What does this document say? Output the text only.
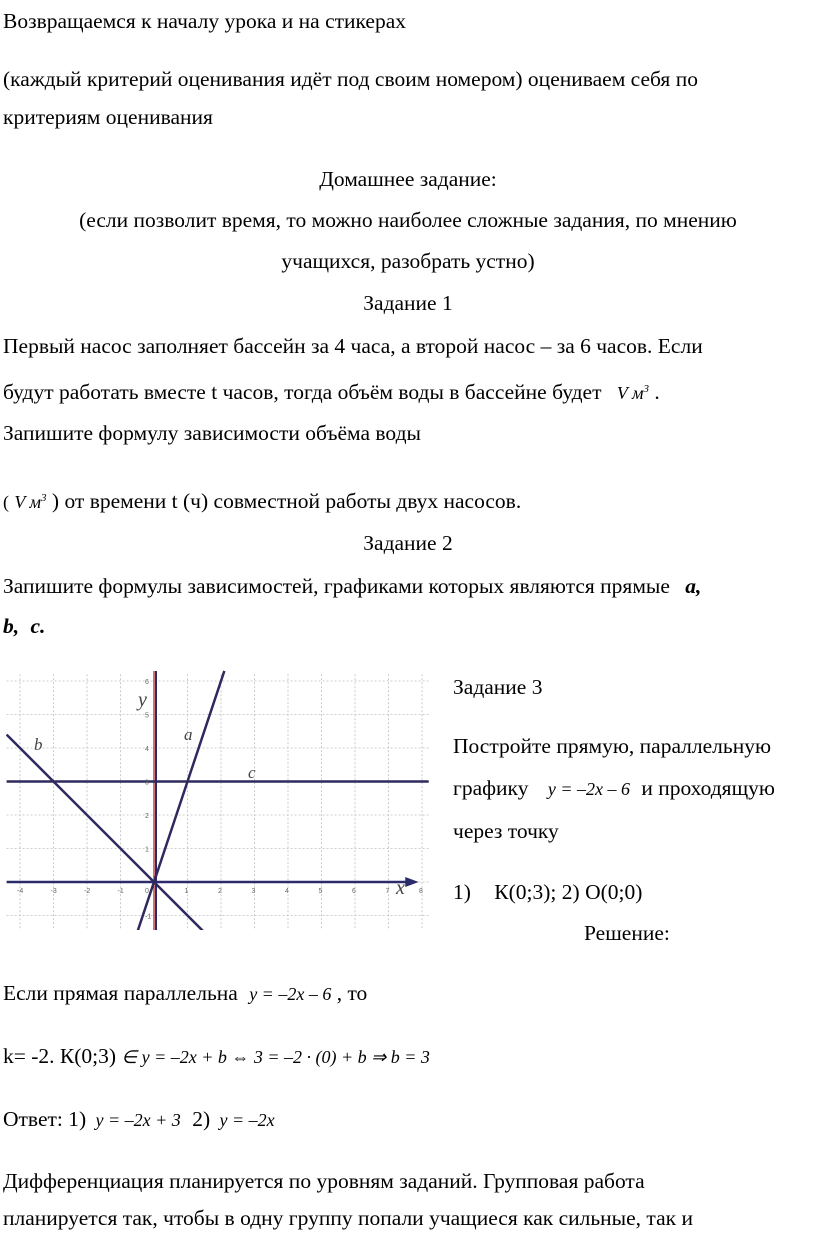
Возвращаемся к началу урока и на стикерах
(каждый критерий оценивания идёт под своим номером) оцениваем себя по
критериям оценивания
Домашнее задание:
(если позволит время, то можно наиболее сложные задания, по мнению
учащихся, разобрать устно)
Задание 1
Первый насос заполняет бассейн за 4 часа, а второй насос – за 6 часов. Если
будут работать вместе t часов, тогда объём воды в бассейне будет V $м^3$ .
Запишите формулу зависимости объёма воды
( V $м^3$ ) от времени t (ч) совместной работы двух насосов.
Задание 2
Запишите формулы зависимостей, графиками которых являются прямые a,
b, c.
-4	-3	-2	-1	1	2	3	4	5	6	7	8
6
5
4
3
2
1
-1
0	x
y
a
b
c
Задание 3
Постройте прямую, параллельную
графику y = –2x – 6 и проходящую
через точку
1) К(0;3); 2) О(0;0)
Решение:
Если прямая параллельна y = –2x – 6 , то
k= -2. К(0;3) ∈ y = –2x + b ⇔ 3 = –2 · (0) + b ⇒ b = 3
Ответ: 1) y = –2x + 3 2) y = –2x
Дифференциация планируется по уровням заданий. Групповая работа
планируется так, чтобы в одну группу попали учащиеся как сильные, так и
